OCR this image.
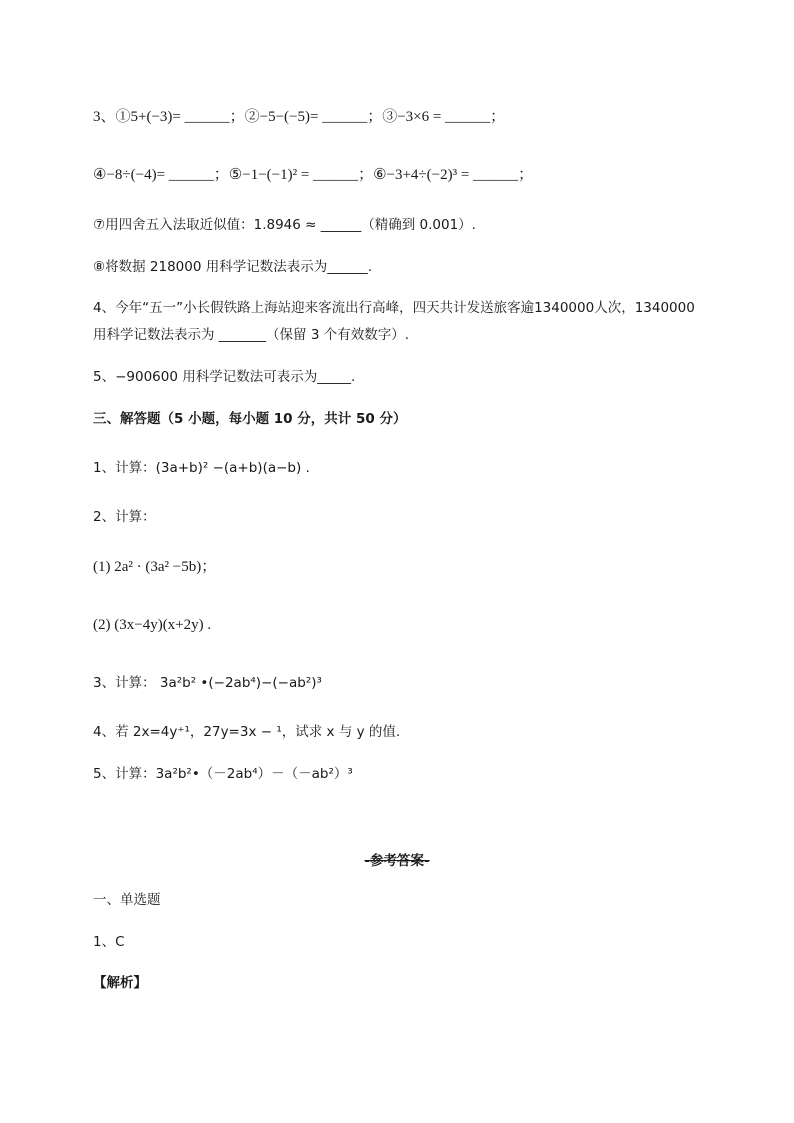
3、①5+(−3)= ______；②−5−(−5)= ______；③−3×6 = ______；
④−8÷(−4)= ______；⑤−1−(−1)² = ______；⑥−3+4÷(−2)³ = ______；
⑦用四舍五入法取近似值：1.8946 ≈ ______（精确到 0.001）.
⑧将数据 218000 用科学记数法表示为______.
4、今年“五一”小长假铁路上海站迎来客流出行高峰，四天共计发送旅客逾1340000人次，1340000
用科学记数法表示为 _______（保留 3 个有效数字）.
5、−900600 用科学记数法可表示为_____.
三、解答题（5 小题，每小题 10 分，共计 50 分）
1、计算：(3a+b)² −(a+b)(a−b) .
2、计算：
(1) 2a² · (3a² −5b)；
(2) (3x−4y)(x+2y) .
3、计算： 3a²b² •(−2ab⁴)−(−ab²)³
4、若 2x=4y⁺¹，27y=3x − ¹，试求 x 与 y 的值.
5、计算：3a²b²•（－2ab⁴）－（－ab²）³
-参考答案-
一、单选题
1、C
【解析】
